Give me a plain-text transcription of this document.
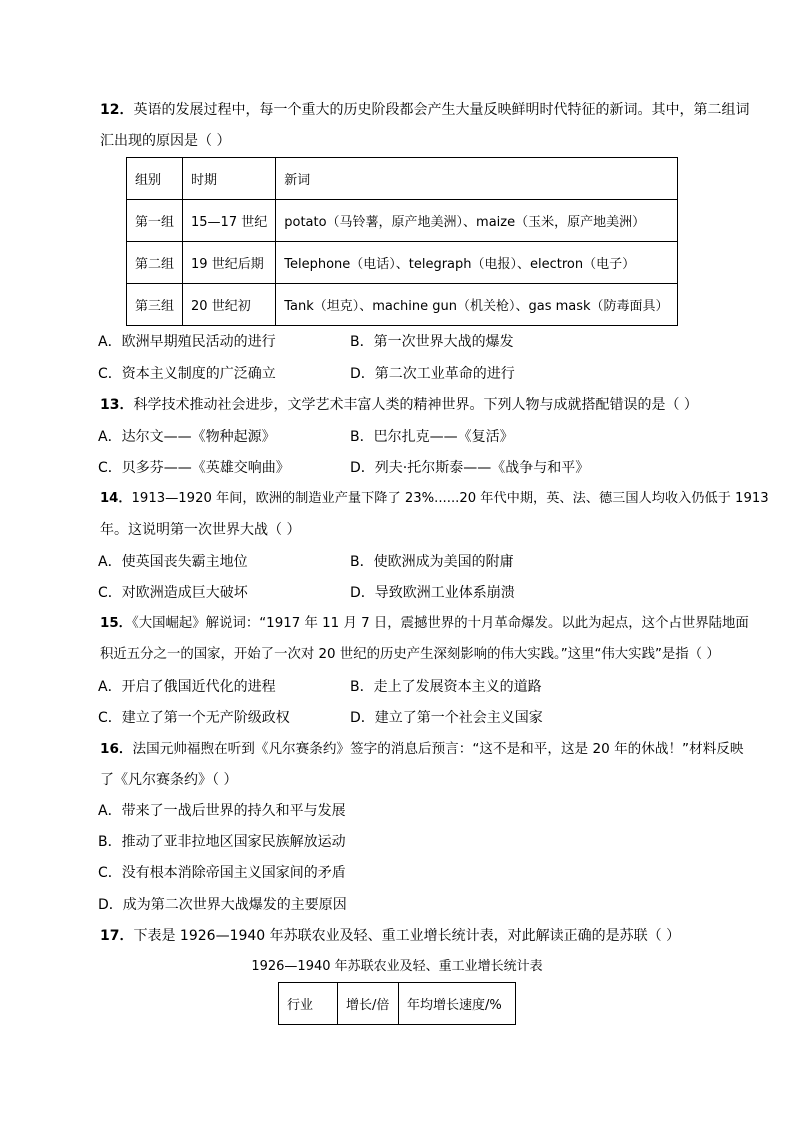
12．英语的发展过程中，每一个重大的历史阶段都会产生大量反映鲜明时代特征的新词。其中，第二组词
汇出现的原因是（ ）
组别	时期	新词
第一组	15—17 世纪	potato（马铃薯，原产地美洲）、maize（玉米，原产地美洲）
第二组	19 世纪后期	Telephone（电话）、telegraph（电报）、electron（电子）
第三组	20 世纪初	Tank（坦克）、machine gun（机关枪）、gas mask（防毒面具）
A．欧洲早期殖民活动的进行	B．第一次世界大战的爆发
C．资本主义制度的广泛确立	D．第二次工业革命的进行
13．科学技术推动社会进步，文学艺术丰富人类的精神世界。下列人物与成就搭配错误的是（ ）
A．达尔文——《物种起源》	B．巴尔扎克——《复活》
C．贝多芬——《英雄交响曲》	D．列夫·托尔斯泰——《战争与和平》
14．1913—1920 年间，欧洲的制造业产量下降了 23%......20 年代中期，英、法、德三国人均收入仍低于 1913
年。这说明第一次世界大战（ ）
A．使英国丧失霸主地位	B．使欧洲成为美国的附庸
C．对欧洲造成巨大破坏	D．导致欧洲工业体系崩溃
15．《大国崛起》解说词：“1917 年 11 月 7 日，震撼世界的十月革命爆发。以此为起点，这个占世界陆地面
积近五分之一的国家，开始了一次对 20 世纪的历史产生深刻影响的伟大实践。”这里“伟大实践”是指（ ）
A．开启了俄国近代化的进程	B．走上了发展资本主义的道路
C．建立了第一个无产阶级政权	D．建立了第一个社会主义国家
16．法国元帅福煦在听到《凡尔赛条约》签字的消息后预言：“这不是和平，这是 20 年的休战！”材料反映
了《凡尔赛条约》（ ）
A．带来了一战后世界的持久和平与发展
B．推动了亚非拉地区国家民族解放运动
C．没有根本消除帝国主义国家间的矛盾
D．成为第二次世界大战爆发的主要原因
17．下表是 1926—1940 年苏联农业及轻、重工业增长统计表，对此解读正确的是苏联（ ）
1926—1940 年苏联农业及轻、重工业增长统计表
行业	增长/倍	年均增长速度/%
